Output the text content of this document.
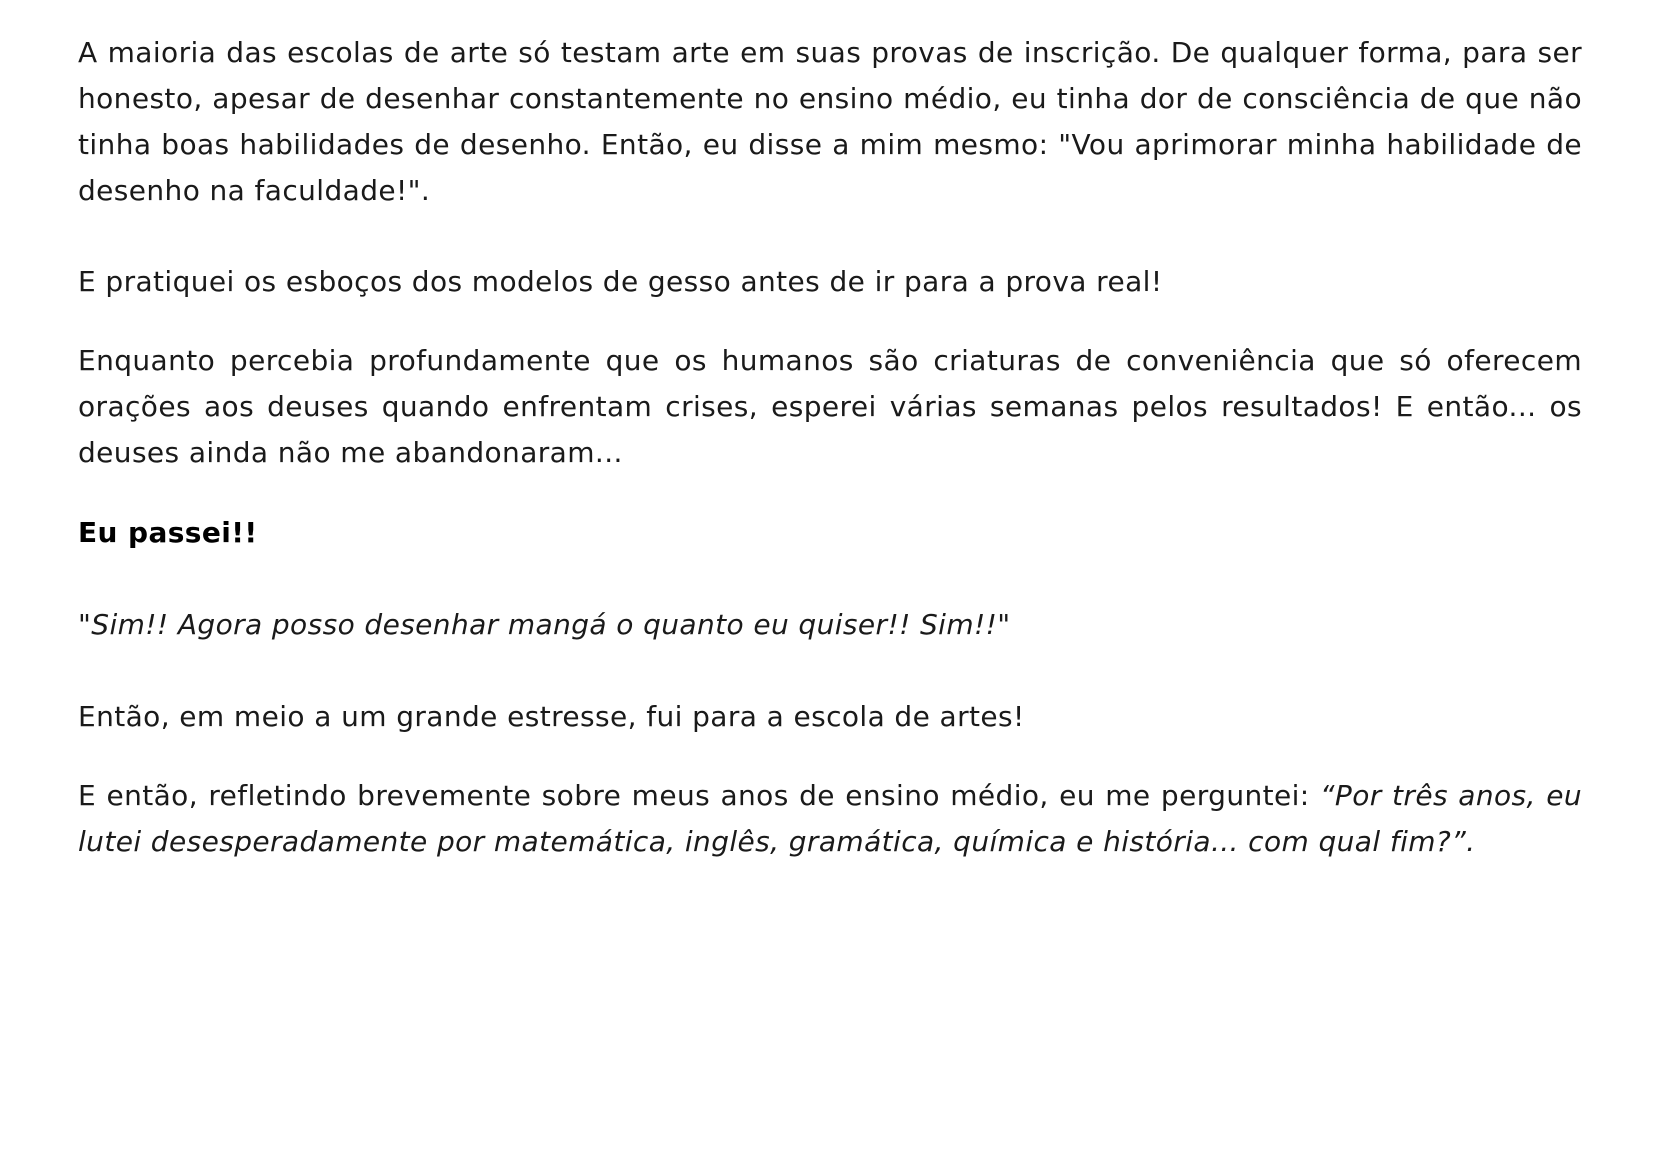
A maioria das escolas de arte só testam arte em suas provas de inscrição. De qualquer forma, para ser honesto, apesar de desenhar constantemente no ensino médio, eu tinha dor de consciência de que não tinha boas habilidades de desenho. Então, eu disse a mim mesmo: "Vou aprimorar minha habilidade de desenho na faculdade!".

E pratiquei os esboços dos modelos de gesso antes de ir para a prova real!

Enquanto percebia profundamente que os humanos são criaturas de conveniência que só oferecem orações aos deuses quando enfrentam crises, esperei várias semanas pelos resultados! E então... os deuses ainda não me abandonaram...

Eu passei!!

"Sim!! Agora posso desenhar mangá o quanto eu quiser!! Sim!!"

Então, em meio a um grande estresse, fui para a escola de artes!

E então, refletindo brevemente sobre meus anos de ensino médio, eu me perguntei: “Por três anos, eu lutei desesperadamente por matemática, inglês, gramática, química e história... com qual fim?”.
